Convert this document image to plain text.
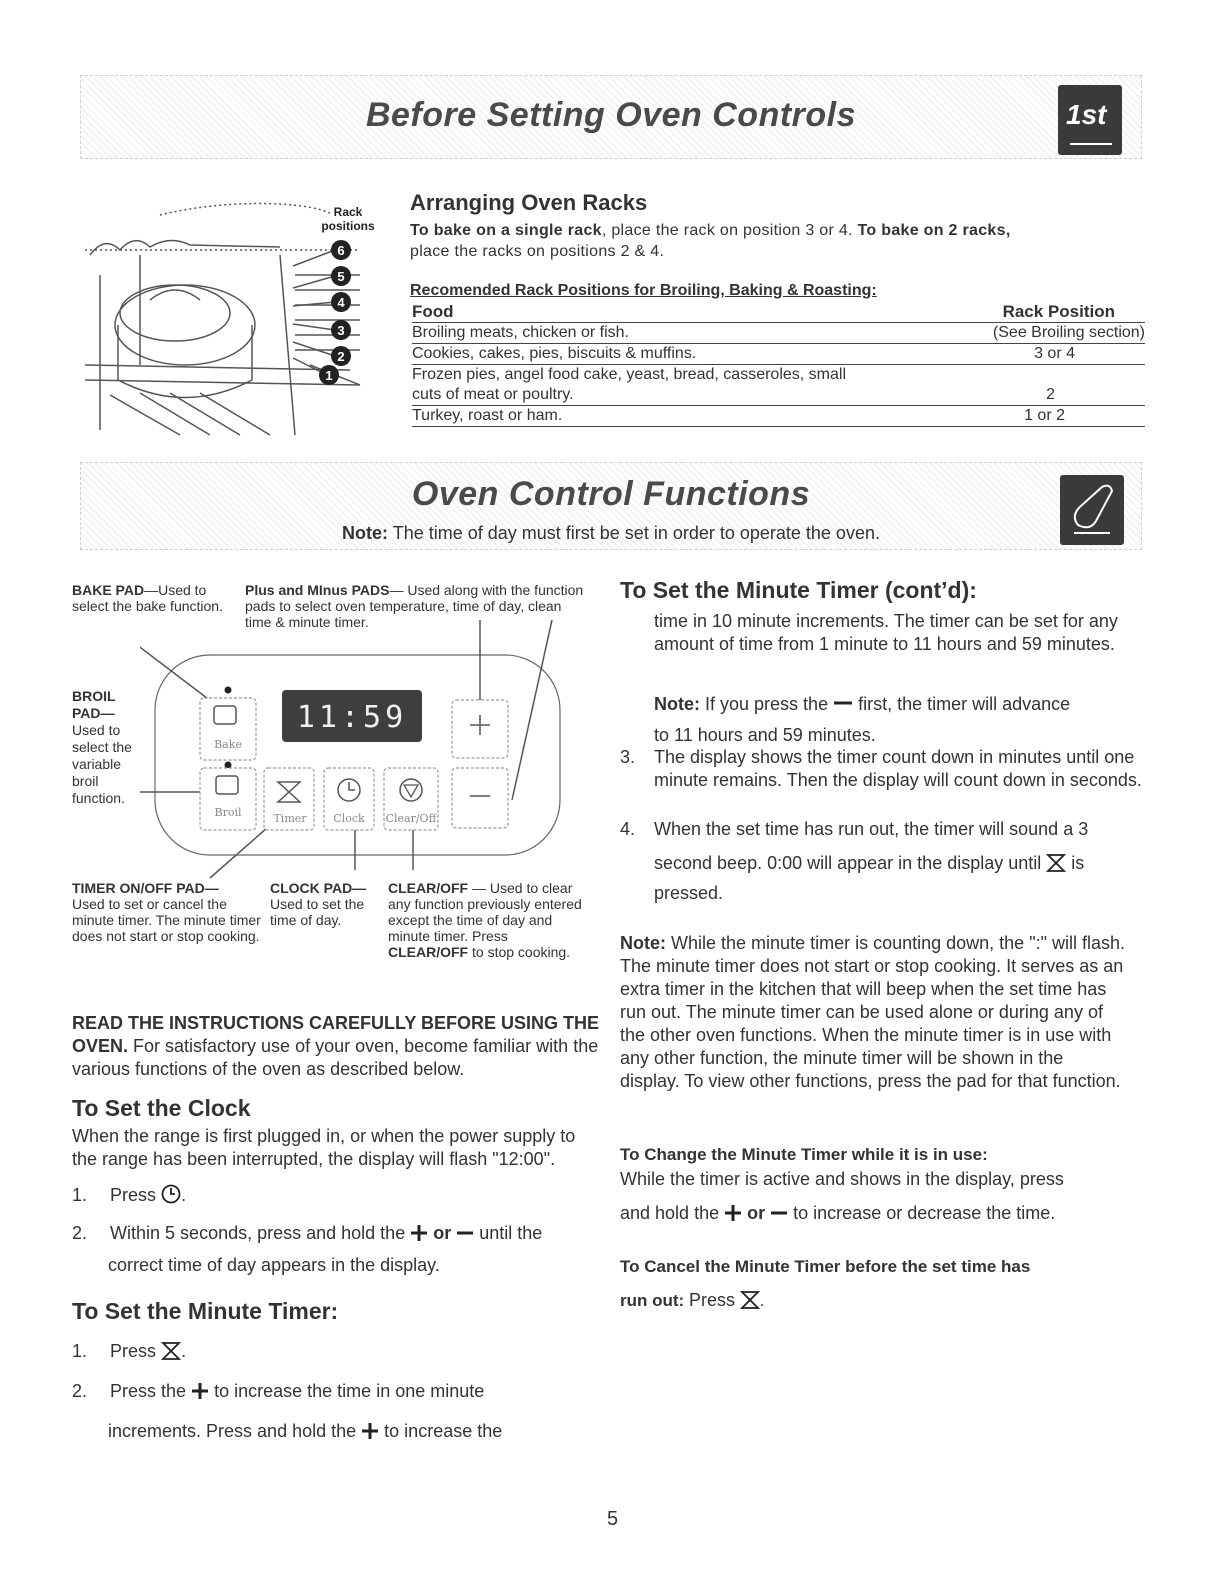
Before Setting Oven Controls	1st
Rack positions
6
5
4
3
2
1
Arranging Oven Racks
To bake on a single rack, place the rack on position 3 or 4. To bake on 2 racks,
place the racks on positions 2 & 4.
Recomended Rack Positions for Broiling, Baking & Roasting:
Food	Rack Position
Broiling meats, chicken or fish.	(See Broiling section)
Cookies, cakes, pies, biscuits & muffins.	3 or 4
Frozen pies, angel food cake, yeast, bread, casseroles, small
cuts of meat or poultry.	2
Turkey, roast or ham.	1 or 2
Oven Control Functions
Note: The time of day must first be set in order to operate the oven.
BAKE PAD—Used to select the bake function.
Plus and MInus PADS— Used along with the function pads to select oven temperature, time of day, clean time & minute timer.
BROIL PAD— Used to select the variable broil function.
Bake
11:59
Broil	Timer Clock Clear/Off
TIMER ON/OFF PAD—
Used to set or cancel the minute timer. The minute timer does not start or stop cooking.
CLOCK PAD—
Used to set the time of day.
CLEAR/OFF — Used to clear any function previously entered except the time of day and minute timer. Press CLEAR/OFF to stop cooking.
READ THE INSTRUCTIONS CAREFULLY BEFORE USING THE OVEN. For satisfactory use of your oven, become familiar with the various functions of the oven as described below.
To Set the Clock
When the range is first plugged in, or when the power supply to the range has been interrupted, the display will flash "12:00".
1. Press .
2. Within 5 seconds, press and hold the or until the
correct time of day appears in the display.
To Set the Minute Timer:
1. Press .
2. Press the to increase the time in one minute
increments. Press and hold the to increase the
To Set the Minute Timer (cont’d):
time in 10 minute increments. The timer can be set for any amount of time from 1 minute to 11 hours and 59 minutes.
Note: If you press the first, the timer will advance
to 11 hours and 59 minutes.
3. The display shows the timer count down in minutes until one minute remains. Then the display will count down in seconds.
4. When the set time has run out, the timer will sound a 3
second beep. 0:00 will appear in the display until is
pressed.
Note: While the minute timer is counting down, the ":" will flash. The minute timer does not start or stop cooking. It serves as an extra timer in the kitchen that will beep when the set time has run out. The minute timer can be used alone or during any of the other oven functions. When the minute timer is in use with any other function, the minute timer will be shown in the display. To view other functions, press the pad for that function.
To Change the Minute Timer while it is in use:
While the timer is active and shows in the display, press
and hold the or to increase or decrease the time.
To Cancel the Minute Timer before the set time has
run out: Press .
5
